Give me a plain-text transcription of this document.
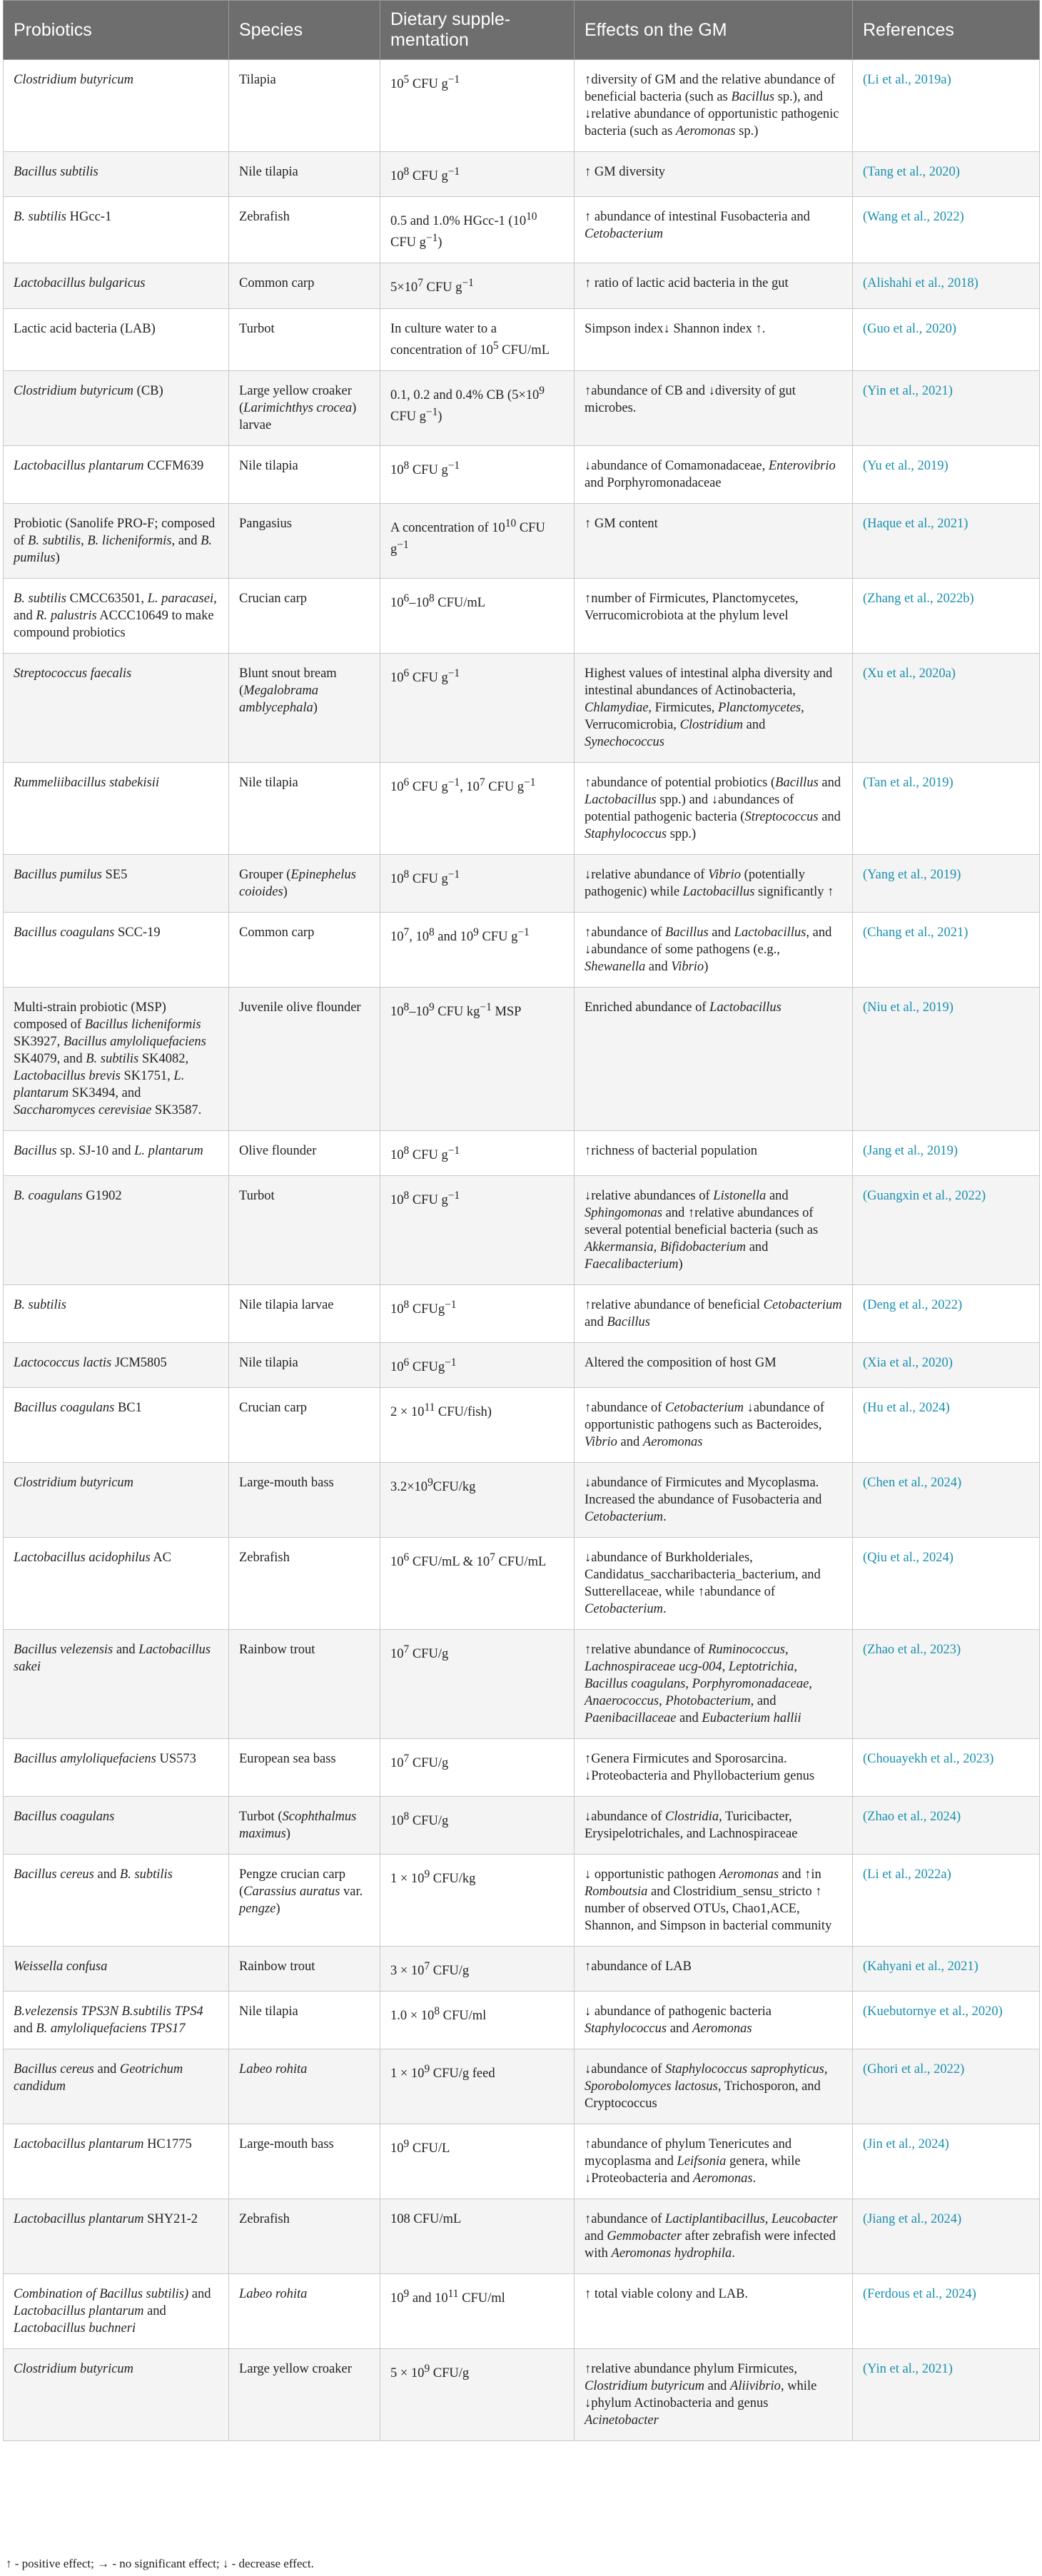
Probiotics	Species	Dietary supple-mentation	Effects on the GM	References
Clostridium butyricum	Tilapia	$10^5$ CFU $g^{-1}$	↑diversity of GM and the relative abundance of beneficial bacteria (such as Bacillus sp.), and ↓relative abundance of opportunistic pathogenic bacteria (such as Aeromonas sp.)	(Li et al., 2019a)
Bacillus subtilis	Nile tilapia	$10^8$ CFU $g^{-1}$	↑ GM diversity	(Tang et al., 2020)
B. subtilis HGcc-1	Zebrafish	0.5 and 1.0% HGcc-1 ($10^{10}$ CFU $g^{-1}$)	↑ abundance of intestinal Fusobacteria and Cetobacterium	(Wang et al., 2022)
Lactobacillus bulgaricus	Common carp	$5\times 10^7$ CFU $g^{-1}$	↑ ratio of lactic acid bacteria in the gut	(Alishahi et al., 2018)
Lactic acid bacteria (LAB)	Turbot	In culture water to a concentration of $10^5$ CFU/mL	Simpson index↓ Shannon index ↑.	(Guo et al., 2020)
Clostridium butyricum (CB)	Large yellow croaker (Larimichthys crocea) larvae	0.1, 0.2 and 0.4% CB ($5\times 10^9$ CFU $g^{-1}$)	↑abundance of CB and ↓diversity of gut microbes.	(Yin et al., 2021)
Lactobacillus plantarum CCFM639	Nile tilapia	$10^8$ CFU $g^{-1}$	↓abundance of Comamonadaceae, Enterovibrio and Porphyromonadaceae	(Yu et al., 2019)
Probiotic (Sanolife PRO-F; composed of B. subtilis, B. licheniformis, and B. pumilus)	Pangasius	A concentration of $10^{10}$ CFU $g^{-1}$	↑ GM content	(Haque et al., 2021)
B. subtilis CMCC63501, L. paracasei, and R. palustris ACCC10649 to make compound probiotics	Crucian carp	$10^6-10^8$ CFU/mL	↑number of Firmicutes, Planctomycetes, Verrucomicrobiota at the phylum level	(Zhang et al., 2022b)
Streptococcus faecalis	Blunt snout bream (Megalobrama amblycephala)	$10^6$ CFU $g^{-1}$	Highest values of intestinal alpha diversity and intestinal abundances of Actinobacteria, Chlamydiae, Firmicutes, Planctomycetes, Verrucomicrobia, Clostridium and Synechococcus	(Xu et al., 2020a)
Rummeliibacillus stabekisii	Nile tilapia	$10^6$ CFU $g^{-1}$, $10^7$ CFU $g^{-1}$	↑abundance of potential probiotics (Bacillus and Lactobacillus spp.) and ↓abundances of potential pathogenic bacteria (Streptococcus and Staphylococcus spp.)	(Tan et al., 2019)
Bacillus pumilus SE5	Grouper (Epinephelus coioides)	$10^8$ CFU $g^{-1}$	↓relative abundance of Vibrio (potentially pathogenic) while Lactobacillus significantly ↑	(Yang et al., 2019)
Bacillus coagulans SCC-19	Common carp	$10^7$, $10^8$ and $10^9$ CFU $g^{-1}$	↑abundance of Bacillus and Lactobacillus, and ↓abundance of some pathogens (e.g., Shewanella and Vibrio)	(Chang et al., 2021)
Multi-strain probiotic (MSP) composed of Bacillus licheniformis SK3927, Bacillus amyloliquefaciens SK4079, and B. subtilis SK4082, Lactobacillus brevis SK1751, L. plantarum SK3494, and Saccharomyces cerevisiae SK3587.	Juvenile olive flounder	$10^8-10^9$ CFU $kg^{-1}$ MSP	Enriched abundance of Lactobacillus	(Niu et al., 2019)
Bacillus sp. SJ-10 and L. plantarum	Olive flounder	$10^8$ CFU $g^{-1}$	↑richness of bacterial population	(Jang et al., 2019)
B. coagulans G1902	Turbot	$10^8$ CFU $g^{-1}$	↓relative abundances of Listonella and Sphingomonas and ↑relative abundances of several potential beneficial bacteria (such as Akkermansia, Bifidobacterium and Faecalibacterium)	(Guangxin et al., 2022)
B. subtilis	Nile tilapia larvae	$10^8$ CFUg$^{-1}$	↑relative abundance of beneficial Cetobacterium and Bacillus	(Deng et al., 2022)
Lactococcus lactis JCM5805	Nile tilapia	$10^6$ CFUg$^{-1}$	Altered the composition of host GM	(Xia et al., 2020)
Bacillus coagulans BC1	Crucian carp	$2 \times 10^{11}$ CFU/fish)	↑abundance of Cetobacterium ↓abundance of opportunistic pathogens such as Bacteroides, Vibrio and Aeromonas	(Hu et al., 2024)
Clostridium butyricum	Large-mouth bass	$3.2\times 10^9CFU/kg$	↓abundance of Firmicutes and Mycoplasma. Increased the abundance of Fusobacteria and Cetobacterium.	(Chen et al., 2024)
Lactobacillus acidophilus AC	Zebrafish	$10^6$ CFU/mL & $10^7$ CFU/mL	↓abundance of Burkholderiales, Candidatus_saccharibacteria_bacterium, and Sutterellaceae, while ↑abundance of Cetobacterium.	(Qiu et al., 2024)
Bacillus velezensis and Lactobacillus sakei	Rainbow trout	$10^7$ CFU/g	↑relative abundance of Ruminococcus, Lachnospiraceae ucg-004, Leptotrichia, Bacillus coagulans, Porphyromonadaceae, Anaerococcus, Photobacterium, and Paenibacillaceae and Eubacterium hallii	(Zhao et al., 2023)
Bacillus amyloliquefaciens US573	European sea bass	$10^7$ CFU/g	↑Genera Firmicutes and Sporosarcina. ↓Proteobacteria and Phyllobacterium genus	(Chouayekh et al., 2023)
Bacillus coagulans	Turbot (Scophthalmus maximus)	$10^8$ CFU/g	↓abundance of Clostridia, Turicibacter, Erysipelotrichales, and Lachnospiraceae	(Zhao et al., 2024)
Bacillus cereus and B. subtilis	Pengze crucian carp (Carassius auratus var. pengze)	$1 \times 10^9$ CFU/kg	↓ opportunistic pathogen Aeromonas and ↑in Romboutsia and Clostridium_sensu_stricto ↑ number of observed OTUs, Chao1,ACE, Shannon, and Simpson in bacterial community	(Li et al., 2022a)
Weissella confusa	Rainbow trout	$3 \times 10^7$ CFU/g	↑abundance of LAB	(Kahyani et al., 2021)
B.velezensis TPS3N B.subtilis TPS4 and B. amyloliquefaciens TPS17	Nile tilapia	$1.0 \times 10^8$ CFU/ml	↓ abundance of pathogenic bacteria Staphylococcus and Aeromonas	(Kuebutornye et al., 2020)
Bacillus cereus and Geotrichum candidum	Labeo rohita	$1 \times 10^9$ CFU/g feed	↓abundance of Staphylococcus saprophyticus, Sporobolomyces lactosus, Trichosporon, and Cryptococcus	(Ghori et al., 2022)
Lactobacillus plantarum HC1775	Large-mouth bass	$10^9$ CFU/L	↑abundance of phylum Tenericutes and mycoplasma and Leifsonia genera, while ↓Proteobacteria and Aeromonas.	(Jin et al., 2024)
Lactobacillus plantarum SHY21-2	Zebrafish	108 CFU/mL	↑abundance of Lactiplantibacillus, Leucobacter and Gemmobacter after zebrafish were infected with Aeromonas hydrophila.	(Jiang et al., 2024)
Combination of Bacillus subtilis) and Lactobacillus plantarum and Lactobacillus buchneri	Labeo rohita	$10^9$ and $10^{11}$ CFU/ml	↑ total viable colony and LAB.	(Ferdous et al., 2024)
Clostridium butyricum	Large yellow croaker	$5 \times 10^9$ CFU/g	↑relative abundance phylum Firmicutes, Clostridium butyricum and Aliivibrio, while ↓phylum Actinobacteria and genus Acinetobacter	(Yin et al., 2021)
↑ - positive effect; → - no significant effect; ↓ - decrease effect.
